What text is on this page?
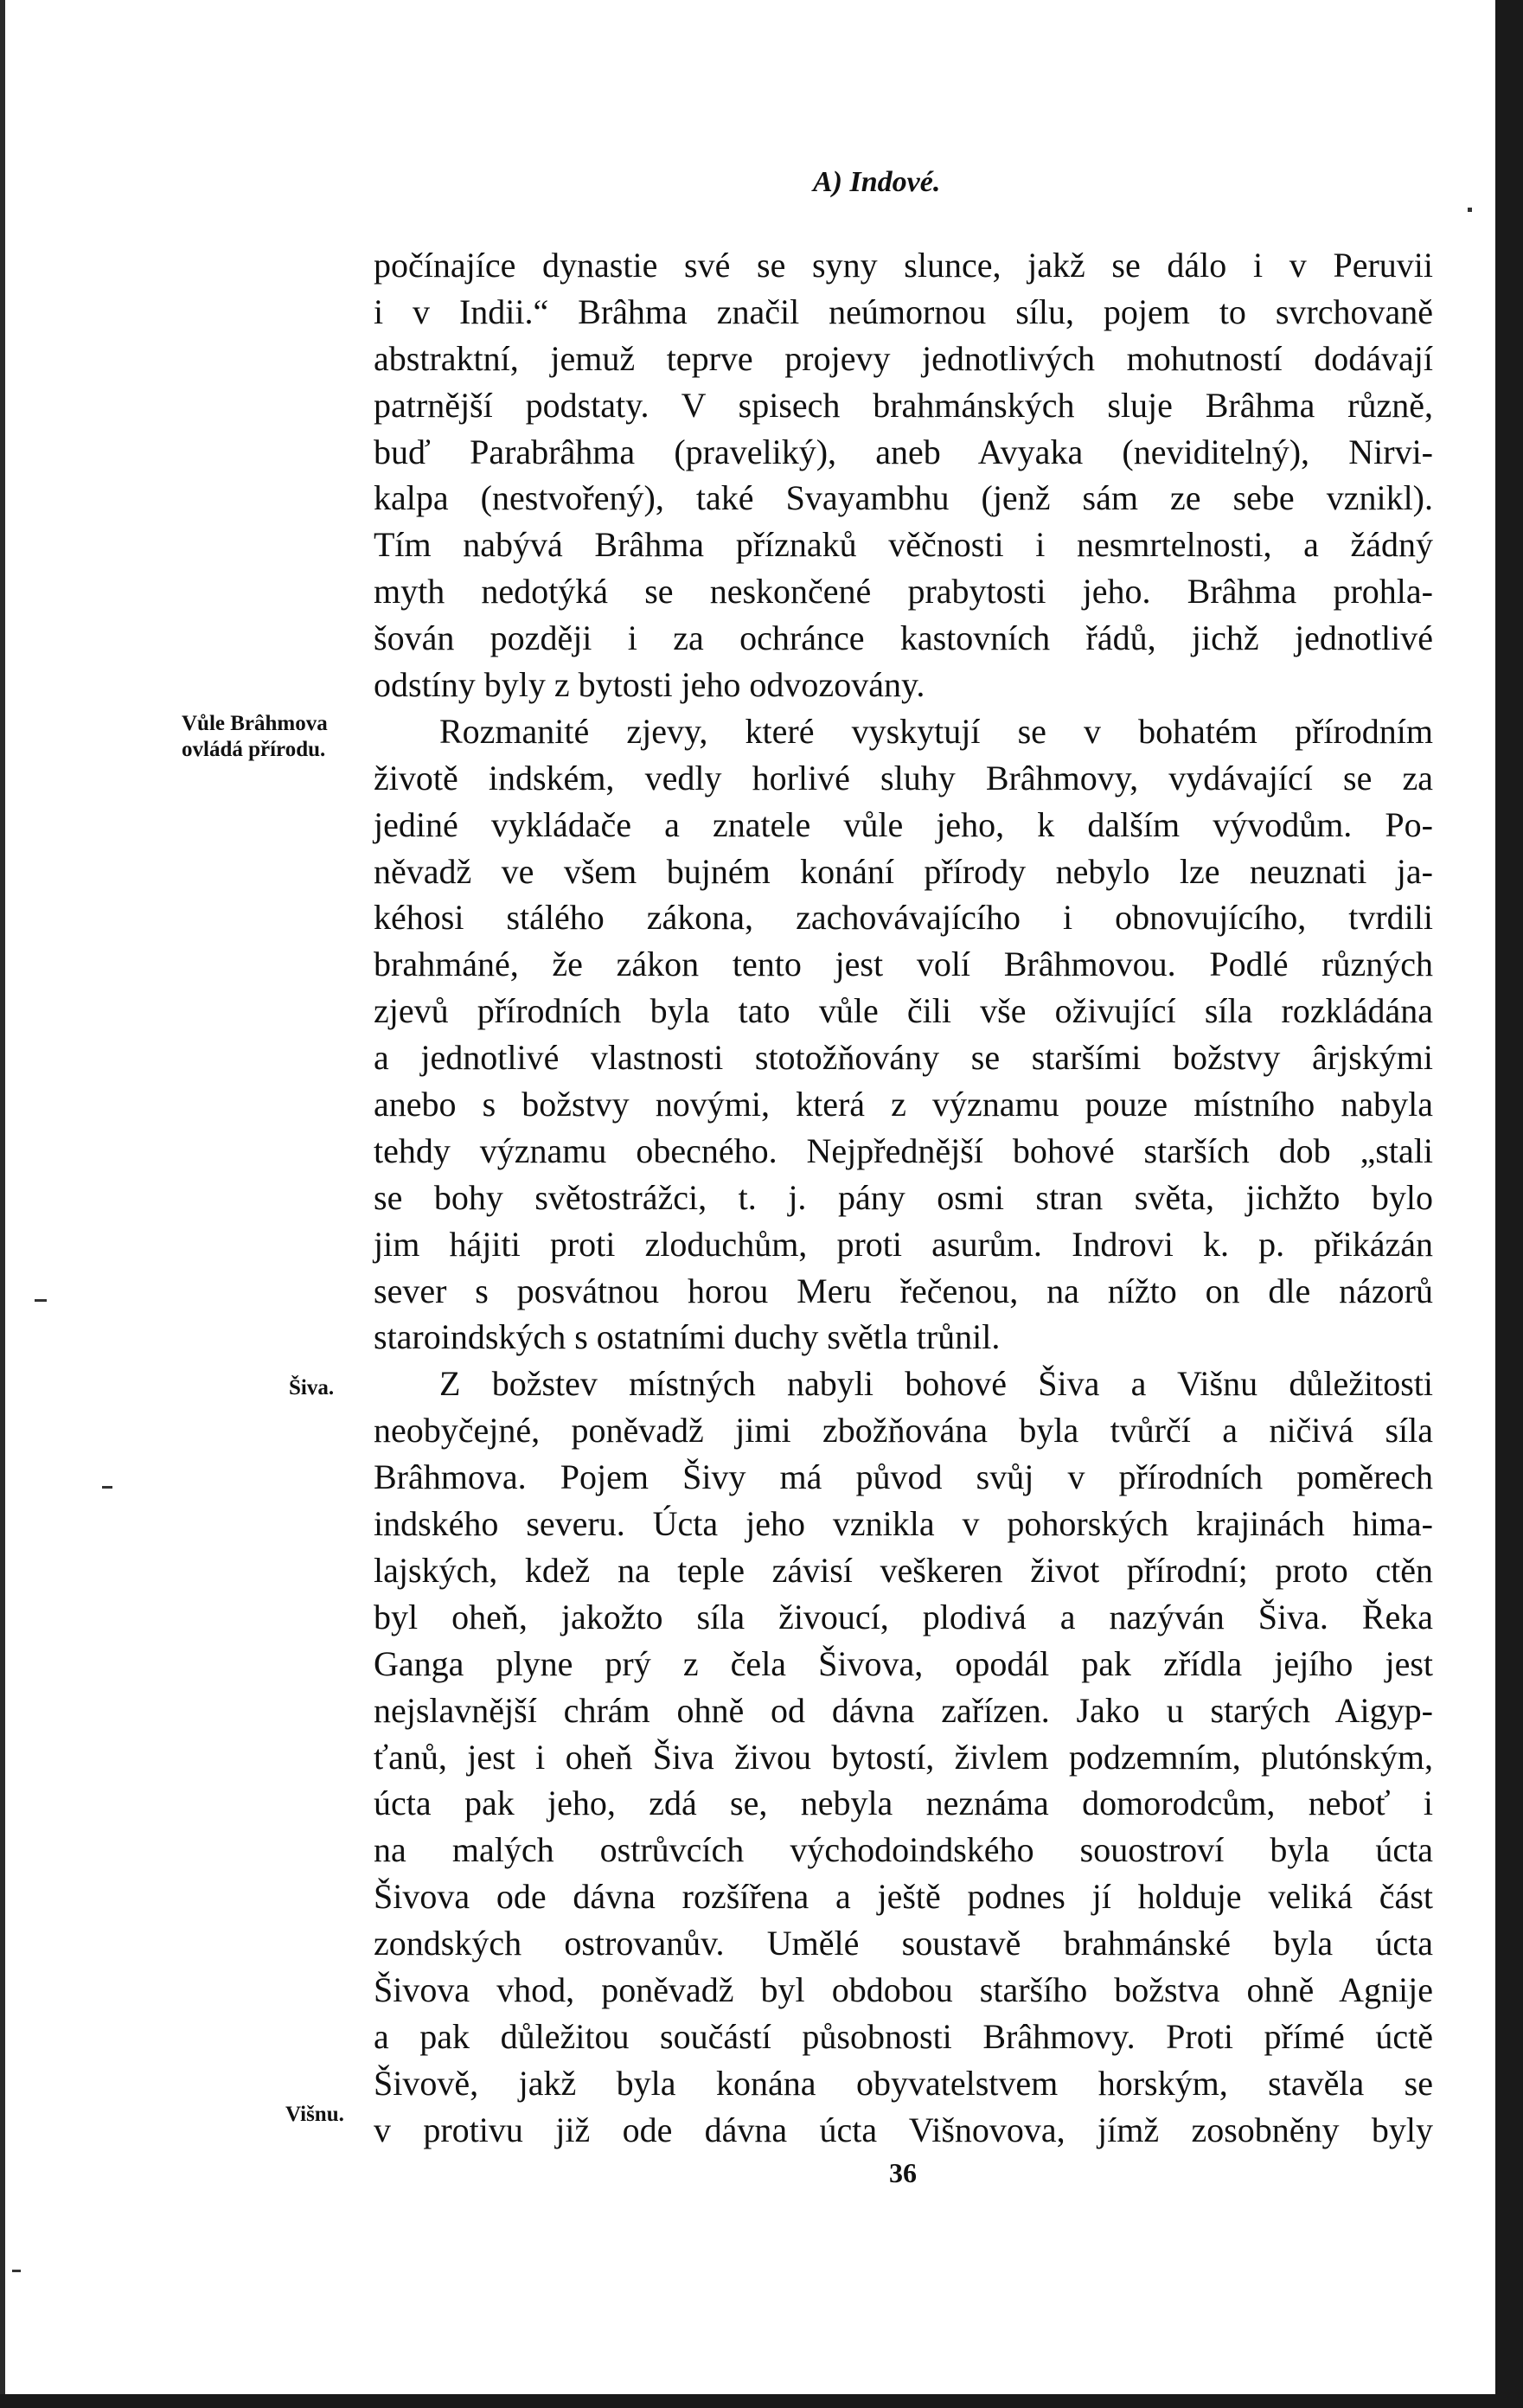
A) Indové.
Vůle Brâhmova
ovládá přírodu.
Šiva.
Višnu.
počínajíce dynastie své se syny slunce, jakž se dálo i v Peruvii
i v Indii.“ Brâhma značil neúmornou sílu, pojem to svrchovaně
abstraktní, jemuž teprve projevy jednotlivých mohutností dodávají
patrnější podstaty. V spisech brahmánských sluje Brâhma různě,
buď Parabrâhma (praveliký), aneb Avyaka (neviditelný), Nirvi-
kalpa (nestvořený), také Svayambhu (jenž sám ze sebe vznikl).
Tím nabývá Brâhma příznaků věčnosti i nesmrtelnosti, a žádný
myth nedotýká se neskončené prabytosti jeho. Brâhma prohla-
šován později i za ochránce kastovních řádů, jichž jednotlivé
odstíny byly z bytosti jeho odvozovány.
Rozmanité zjevy, které vyskytují se v bohatém přírodním
životě indském, vedly horlivé sluhy Brâhmovy, vydávající se za
jediné vykládače a znatele vůle jeho, k dalším vývodům. Po-
něvadž ve všem bujném konání přírody nebylo lze neuznati ja-
kéhosi stálého zákona, zachovávajícího i obnovujícího, tvrdili
brahmáné, že zákon tento jest volí Brâhmovou. Podlé různých
zjevů přírodních byla tato vůle čili vše oživující síla rozkládána
a jednotlivé vlastnosti stotožňovány se staršími božstvy ârjskými
anebo s božstvy novými, která z významu pouze místního nabyla
tehdy významu obecného. Nejpřednější bohové starších dob „stali
se bohy světostrážci, t. j. pány osmi stran světa, jichžto bylo
jim hájiti proti zloduchům, proti asurům. Indrovi k. p. přikázán
sever s posvátnou horou Meru řečenou, na nížto on dle názorů
staroindských s ostatními duchy světla trůnil.
Z božstev místných nabyli bohové Šiva a Višnu důležitosti
neobyčejné, poněvadž jimi zbožňována byla tvůrčí a ničivá síla
Brâhmova. Pojem Šivy má původ svůj v přírodních poměrech
indského severu. Úcta jeho vznikla v pohorských krajinách hima-
lajských, kdež na teple závisí veškeren život přírodní; proto ctěn
byl oheň, jakožto síla živoucí, plodivá a nazýván Šiva. Řeka
Ganga plyne prý z čela Šivova, opodál pak zřídla jejího jest
nejslavnější chrám ohně od dávna zařízen. Jako u starých Aigyp-
ťanů, jest i oheň Šiva živou bytostí, živlem podzemním, plutónským,
úcta pak jeho, zdá se, nebyla neznáma domorodcům, neboť i
na malých ostrůvcích východoindského souostroví byla úcta
Šivova ode dávna rozšířena a ještě podnes jí holduje veliká část
zondských ostrovanův. Umělé soustavě brahmánské byla úcta
Šivova vhod, poněvadž byl obdobou staršího božstva ohně Agnije
a pak důležitou součástí působnosti Brâhmovy. Proti přímé úctě
Šivově, jakž byla konána obyvatelstvem horským, stavěla se
v protivu již ode dávna úcta Višnovova, jímž zosobněny byly
36
